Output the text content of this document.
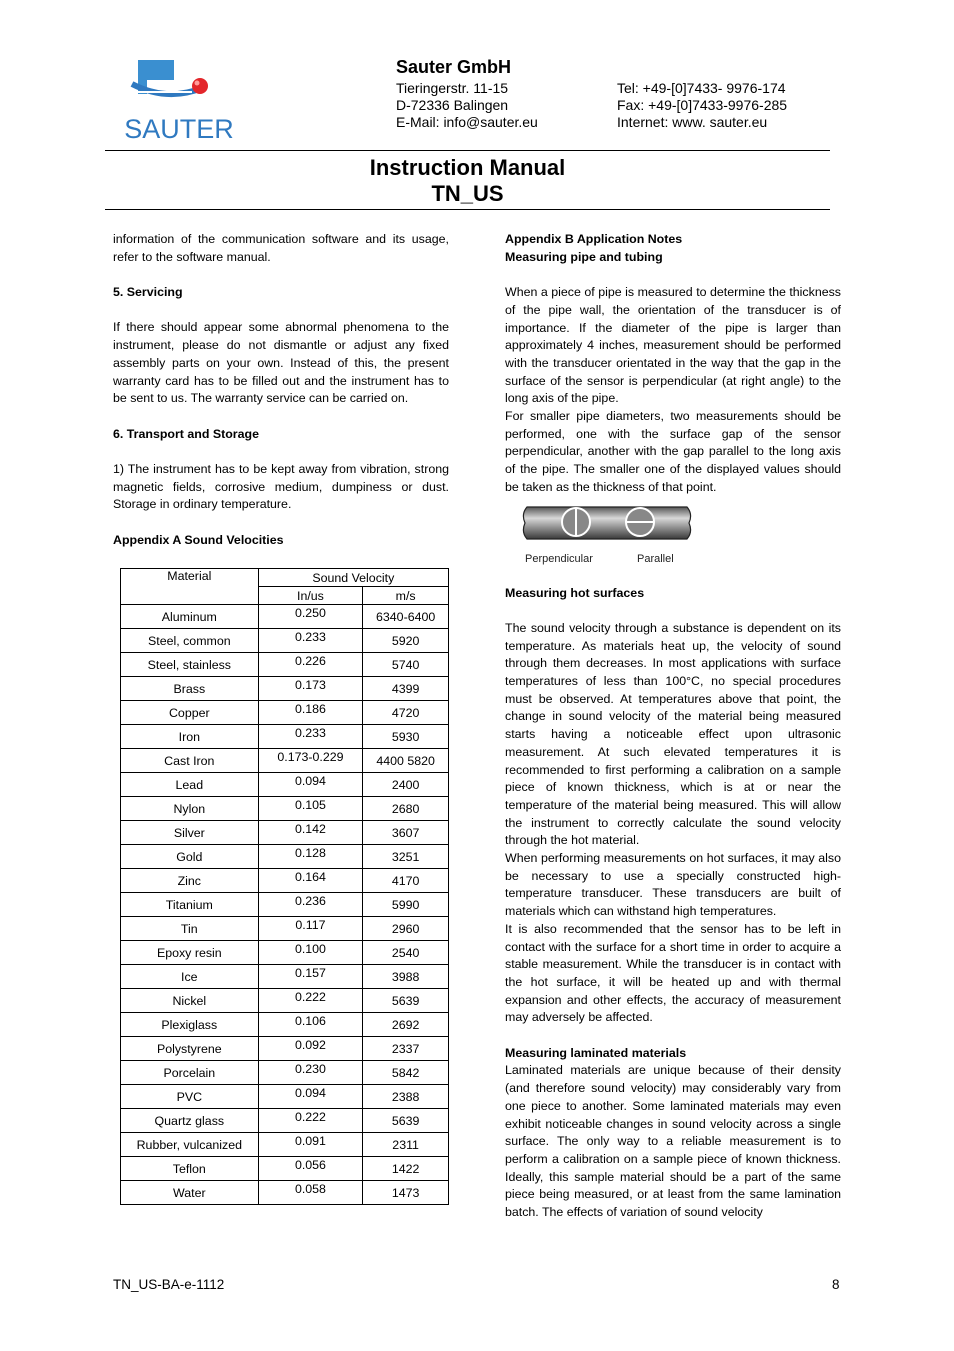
SAUTER
Sauter GmbH
Tieringerstr. 11-15
D-72336 Balingen
E-Mail: info@sauter.eu
Tel: +49-[0]7433- 9976-174
Fax: +49-[0]7433-9976-285
Internet: www. sauter.eu
Instruction Manual
TN_US

information of the communication software and its usage, refer to the software manual.

5. Servicing

If there should appear some abnormal phenomena to the instrument, please do not dismantle or adjust any fixed assembly parts on your own. Instead of this, the present warranty card has to be filled out and the instrument has to be sent to us. The warranty service can be carried on.

6. Transport and Storage

1) The instrument has to be kept away from vibration, strong magnetic fields, corrosive medium, dumpiness or dust. Storage in ordinary temperature.

Appendix A Sound Velocities

Material	Sound Velocity	
	In/us	m/s
Aluminum	0.250	6340-6400
Steel, common	0.233	5920
Steel, stainless	0.226	5740
Brass	0.173	4399
Copper	0.186	4720
Iron	0.233	5930
Cast Iron	0.173-0.229	4400 5820
Lead	0.094	2400
Nylon	0.105	2680
Silver	0.142	3607
Gold	0.128	3251
Zinc	0.164	4170
Titanium	0.236	5990
Tin	0.117	2960
Epoxy resin	0.100	2540
Ice	0.157	3988
Nickel	0.222	5639
Plexiglass	0.106	2692
Polystyrene	0.092	2337
Porcelain	0.230	5842
PVC	0.094	2388
Quartz glass	0.222	5639
Rubber, vulcanized	0.091	2311
Teflon	0.056	1422
Water	0.058	1473

Appendix B Application Notes

Measuring pipe and tubing

When a piece of pipe is measured to determine the thickness of the pipe wall, the orientation of the transducer is of importance. If the diameter of the pipe is larger than approximately 4 inches, measurement should be performed with the transducer orientated in the way that the gap in the surface of the sensor is perpendicular (at right angle) to the long axis of the pipe.

For smaller pipe diameters, two measurements should be performed, one with the surface gap of the sensor perpendicular, another with the gap parallel to the long axis of the pipe. The smaller one of the displayed values should be taken as the thickness of that point.

Measuring hot surfaces

The sound velocity through a substance is dependent on its temperature. As materials heat up, the velocity of sound through them decreases. In most applications with surface temperatures of less than 100°C, no special procedures must be observed. At temperatures above that point, the change in sound velocity of the material being measured starts having a noticeable effect upon ultrasonic measurement. At such elevated temperatures it is recommended to first performing a calibration on a sample piece of known thickness, which is at or near the temperature of the material being measured. This will allow the instrument to correctly calculate the sound velocity through the hot material.

When performing measurements on hot surfaces, it may also be necessary to use a specially constructed high-temperature transducer. These transducers are built of materials which can withstand high temperatures.

It is also recommended that the sensor has to be left in contact with the surface for a short time in order to acquire a stable measurement. While the transducer is in contact with the hot surface, it will be heated up and with thermal expansion and other effects, the accuracy of measurement may adversely be affected.

Measuring laminated materials

Laminated materials are unique because of their density (and therefore sound velocity) may considerably vary from one piece to another. Some laminated materials may even exhibit noticeable changes in sound velocity across a single surface. The only way to a reliable measurement is to perform a calibration on a sample piece of known thickness. Ideally, this sample material should be a part of the same piece being measured, or at least from the same lamination batch. The effects of variation of sound velocity

Perpendicular	Parallel
TN_US-BA-e-1112	8
